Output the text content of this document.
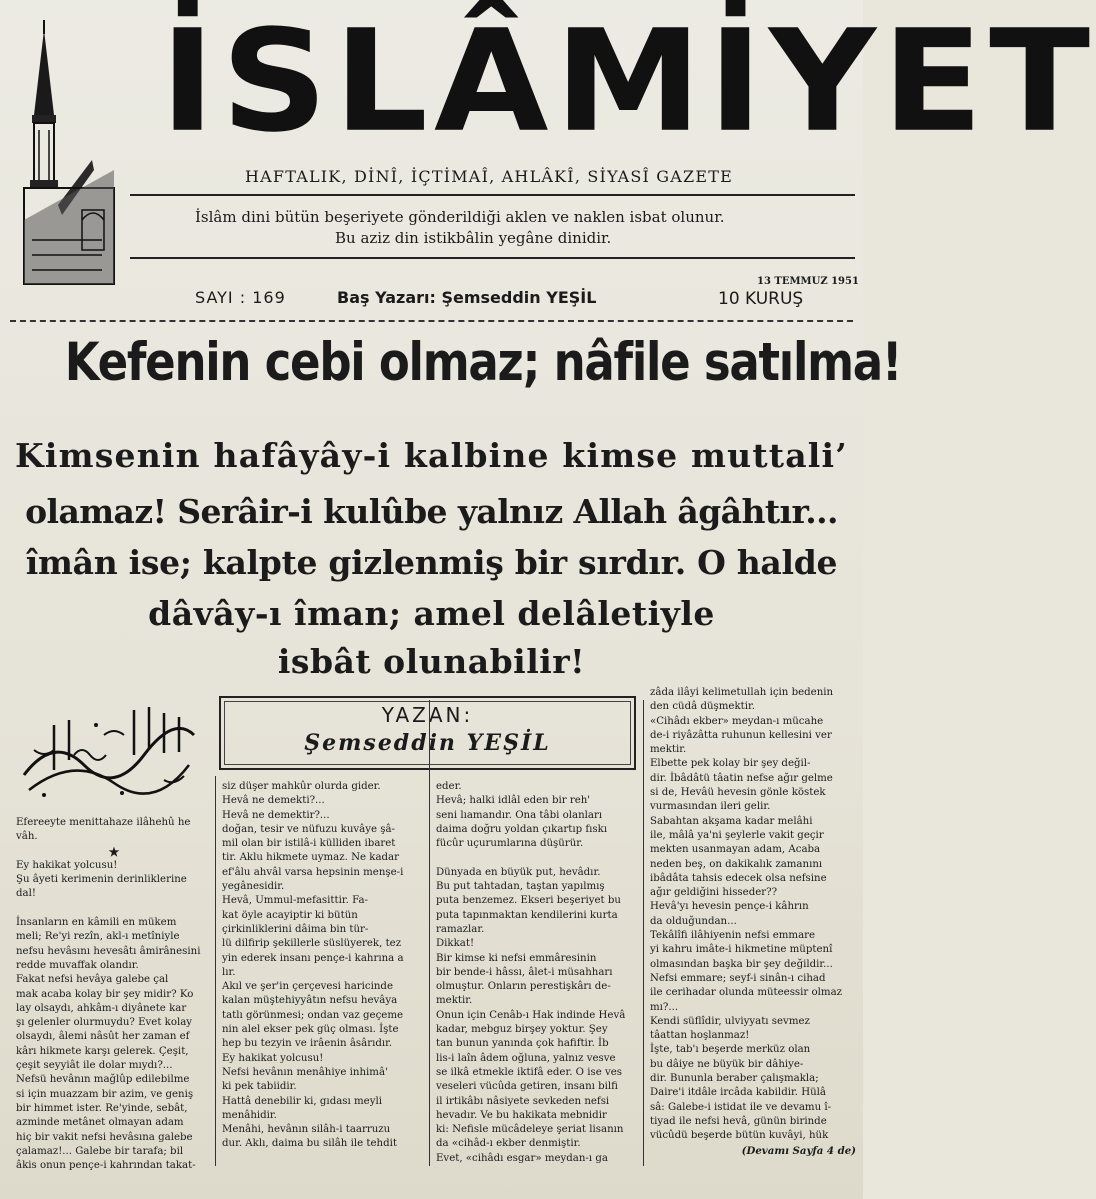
İSLÂMİYET
HAFTALIK, DİNÎ, İÇTİMAÎ, AHLÂKÎ, SİYASÎ GAZETE
İslâm dini bütün beşeriyete gönderildiği aklen ve naklen isbat olunur.
Bu aziz din istikbâlin yegâne dinidir.
SAYI : 169	Baş Yazarı: Şemseddin YEŞİL
13 TEMMUZ 1951
10 KURUŞ
Kefenin cebi olmaz; nâfile satılma!
Kimsenin hafâyây-i kalbine kimse muttali’
olamaz! Serâir-i kulûbe yalnız Allah âgâhtır...
îmân ise; kalpte gizlenmiş bir sırdır. O halde
dâvây-ı îman; amel delâletiyle
isbât olunabilir!
YAZAN:
Şemseddin YEŞİL
Efereeyte menittahaze ilâhehû he
vâh.
★
Ey hakikat yolcusu!
Şu âyeti kerimenin derinliklerine
dal!
İnsanların en kâmili en mükem
meli; Re'yi rezîn, akl-ı metîniyle
nefsu hevâsını hevesâtı âmirânesini
redde muvaffak olandır.
Fakat nefsi hevâya galebe çal
mak acaba kolay bir şey midir? Ko
lay olsaydı, ahkâm-ı diyânete kar
şı gelenler olurmuydu? Evet kolay
olsaydı, âlemi nâsût her zaman ef
kârı hikmete karşı gelerek. Çeşit,
çeşit seyyiât ile dolar mıydı?...
Nefsü hevânın mağlûp edilebilme
si için muazzam bir azim, ve geniş
bir himmet ister. Re'yinde, sebât,
azminde metânet olmayan adam
hiç bir vakit nefsi hevâsına galebe
çalamaz!... Galebe bir tarafa; bil
âkis onun pençe-i kahrından takat-
siz düşer mahkûr olurda gider.
Hevâ ne demekti?...
Hevâ ne demektir?...
doğan, tesir ve nüfuzu kuvâye şâ-
mil olan bir istilâ-i külliden ibaret
tir. Aklu hikmete uymaz. Ne kadar
ef'âlu ahvâl varsa hepsinin menşe-i
yegânesidir.
Hevâ, Ummul-mefasittir. Fa-
kat öyle acayiptir ki bütün
çirkinliklerini dâima bin tür-
lü dilfirip şekillerle süslüyerek, tez
yin ederek insanı pençe-i kahrına a
lır.
Akıl ve şer'in çerçevesi haricinde
kalan müştehiyyâtın nefsu hevâya
tatlı görünmesi; ondan vaz geçeme
nin alel ekser pek güç olması. İşte
hep bu tezyin ve irâenin âsârıdır.
Ey hakikat yolcusu!
Nefsi hevânın menâhiye inhimâ'
ki pek tabiidir.
Hattâ denebilir ki, gıdası meyli
menâhidir.
Menâhi, hevânın silâh-i taarruzu
dur. Aklı, daima bu silâh ile tehdit
eder.
Hevâ; halki idlâl eden bir reh'
seni lıamandır. Ona tâbi olanları
daima doğru yoldan çıkartıp fıskı
fücûr uçurumlarına düşürür.
Dünyada en büyük put, hevâdır.
Bu put tahtadan, taştan yapılmış
puta benzemez. Ekseri beşeriyet bu
puta tapınmaktan kendilerini kurta
ramazlar.
Dikkat!
Bir kimse ki nefsi emmâresinin
bir bende-i hâssı, âlet-i müsahharı
olmuştur. Onların perestişkârı de-
mektir.
Onun için Cenâb-ı Hak indinde Hevâ
kadar, mebguz birşey yoktur. Şey
tan bunun yanında çok hafiftir. İb
lis-i laîn âdem oğluna, yalnız vesve
se ilkâ etmekle iktifâ eder. O ise ves
veseleri vücûda getiren, insanı bilfi
il irtikâbı nâsiyete sevkeden nefsi
hevadır. Ve bu hakikata mebnidir
ki: Nefisle mücâdeleye şeriat lisanın
da «cihâd-ı ekber denmiştir.
Evet, «cihâdı esgar» meydan-ı ga
zâda ilâyi kelimetullah için bedenin
den cüdâ düşmektir.
«Cihâdı ekber» meydan-ı mücahe
de-i riyâzâtta ruhunun kellesini ver
mektir.
Elbette pek kolay bir şey değil-
dir. İbâdâtü tâatin nefse ağır gelme
si de, Hevâü hevesin gönle köstek
vurmasından ileri gelir.
Sabahtan akşama kadar melâhi
ile, mâlâ ya'ni şeylerle vakit geçir
mekten usanmayan adam, Acaba
neden beş, on dakikalık zamanını
ibâdâta tahsis edecek olsa nefsine
ağır geldiğini hisseder??
Hevâ'yı hevesin pençe-i kâhrın
da olduğundan...
Tekâlîfi ilâhiyenin nefsi emmare
yi kahru imâte-i hikmetine müptenî
olmasından başka bir şey değildir...
Nefsi emmare; seyf-i sinân-ı cihad
ile cerihadar olunda müteessir olmaz
mı?...
Kendi süflîdir, ulviyyatı sevmez
tâattan hoşlanmaz!
İşte, tab'ı beşerde merküz olan
bu dâiye ne büyük bir dâhiye-
dir. Bununla beraber çalışmakla;
Daire'i itdâle ircâda kabildir. Hülâ
sâ: Galebe-i istidat ile ve devamu î-
tiyad ile nefsi hevâ, günün birinde
vücûdü beşerde bütün kuvâyi, hük
(Devamı Sayfa 4 de)
